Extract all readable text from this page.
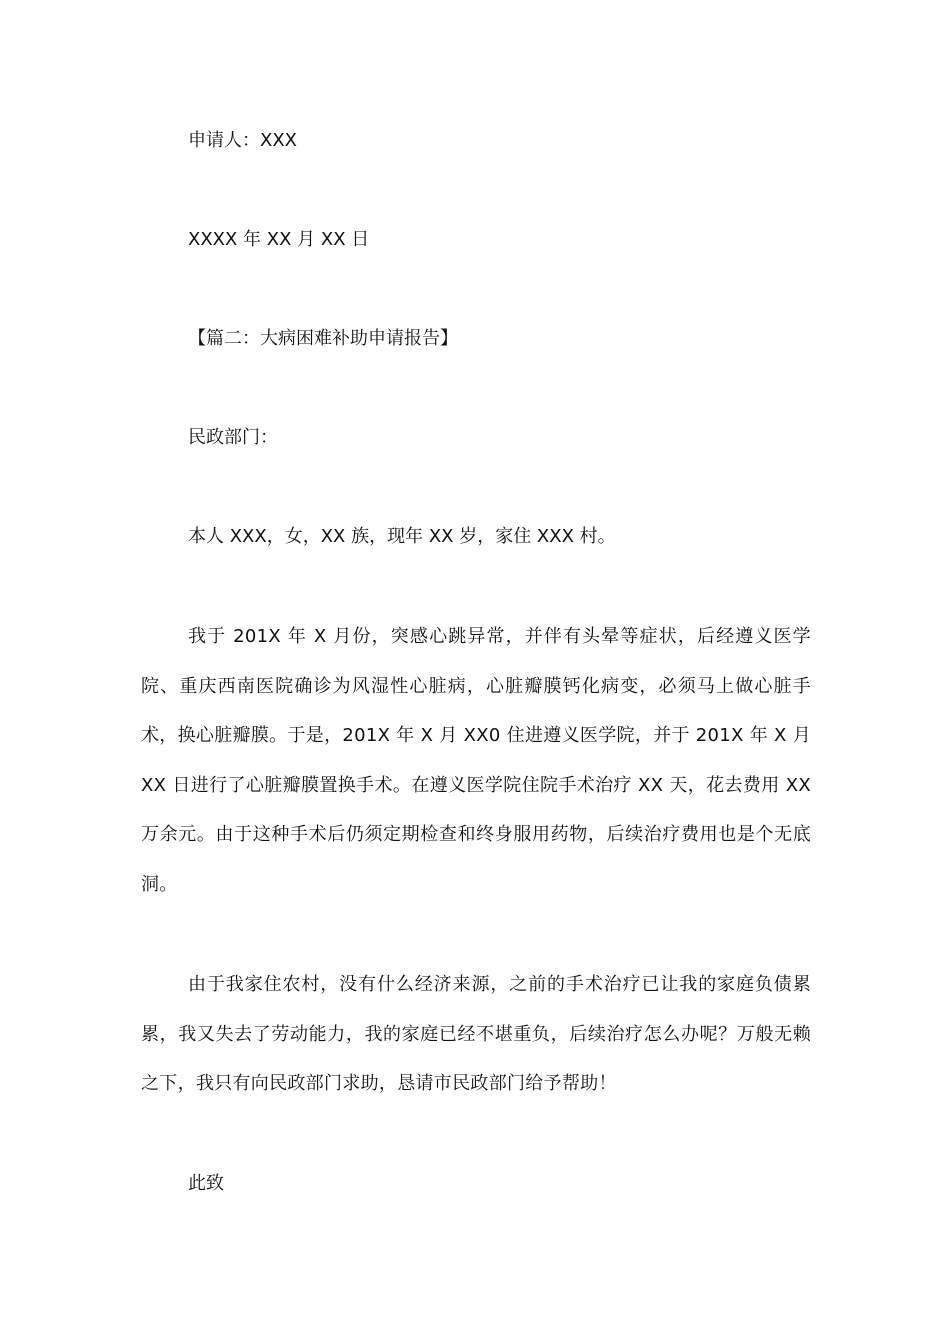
申请人：XXX
XXXX 年 XX 月 XX 日
【篇二：大病困难补助申请报告】
民政部门：
本人 XXX，女，XX 族，现年 XX 岁，家住 XXX 村。

我于 201X 年 X 月份，突感心跳异常，并伴有头晕等症状，后经遵义医学院、重庆西南医院确诊为风湿性心脏病，心脏瓣膜钙化病变，必须马上做心脏手术，换心脏瓣膜。于是，201X 年 X 月 XX0 住进遵义医学院，并于 201X 年 X 月 XX 日进行了心脏瓣膜置换手术。在遵义医学院住院手术治疗 XX 天，花去费用 XX 万余元。由于这种手术后仍须定期检查和终身服用药物，后续治疗费用也是个无底洞。

由于我家住农村，没有什么经济来源，之前的手术治疗已让我的家庭负债累累，我又失去了劳动能力，我的家庭已经不堪重负，后续治疗怎么办呢？万般无赖之下，我只有向民政部门求助，恳请市民政部门给予帮助！

此致
